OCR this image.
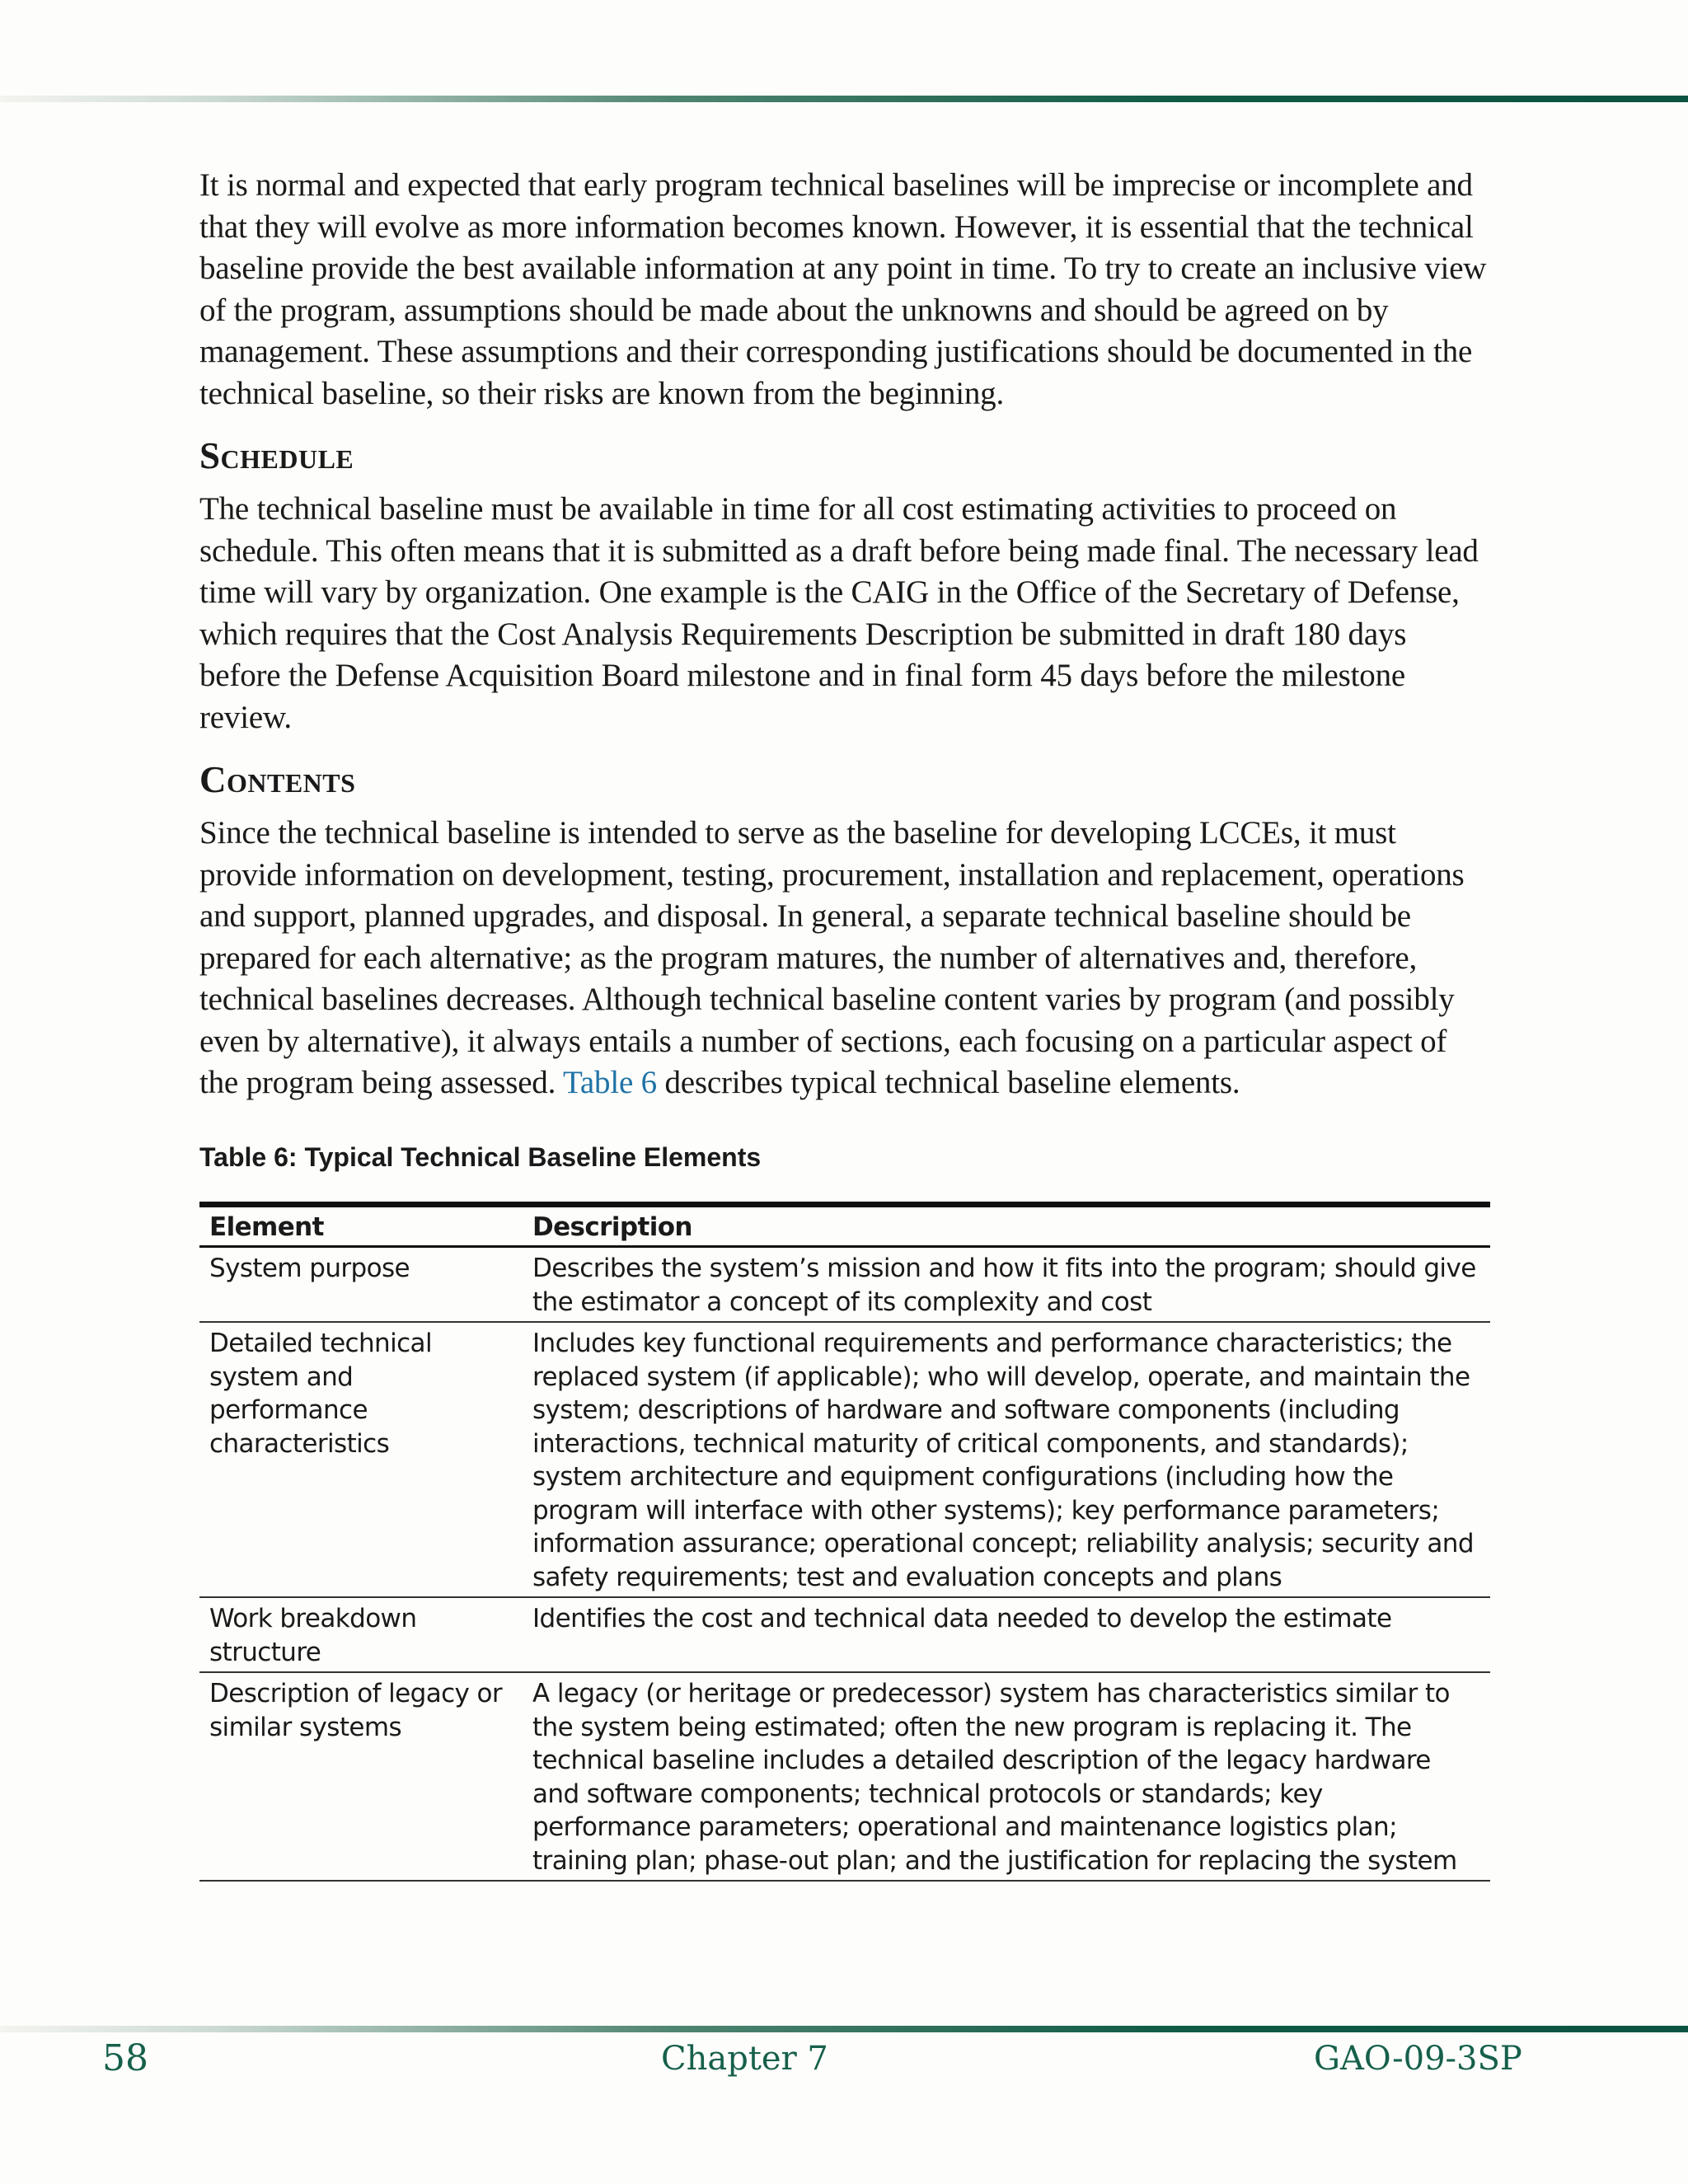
It is normal and expected that early program technical baselines will be imprecise or incomplete and that they will evolve as more information becomes known. However, it is essential that the technical baseline provide the best available information at any point in time. To try to create an inclusive view of the program, assumptions should be made about the unknowns and should be agreed on by management. These assumptions and their corresponding justifications should be documented in the technical baseline, so their risks are known from the beginning.

Schedule

The technical baseline must be available in time for all cost estimating activities to proceed on schedule. This often means that it is submitted as a draft before being made final. The necessary lead time will vary by organization. One example is the CAIG in the Office of the Secretary of Defense, which requires that the Cost Analysis Requirements Description be submitted in draft 180 days before the Defense Acquisition Board milestone and in final form 45 days before the milestone review.

Contents

Since the technical baseline is intended to serve as the baseline for developing LCCEs, it must provide information on development, testing, procurement, installation and replacement, operations and support, planned upgrades, and disposal. In general, a separate technical baseline should be prepared for each alternative; as the program matures, the number of alternatives and, therefore, technical baselines decreases. Although technical baseline content varies by program (and possibly even by alternative), it always entails a number of sections, each focusing on a particular aspect of the program being assessed. Table 6 describes typical technical baseline elements.

Table 6: Typical Technical Baseline Elements
Element	Description
System purpose	Describes the system’s mission and how it fits into the program; should give the estimator a concept of its complexity and cost
Detailed technical system and performance characteristics	Includes key functional requirements and performance characteristics; the replaced system (if applicable); who will develop, operate, and maintain the system; descriptions of hardware and software components (including interactions, technical maturity of critical components, and standards); system architecture and equipment configurations (including how the program will interface with other systems); key performance parameters; information assurance; operational concept; reliability analysis; security and safety requirements; test and evaluation concepts and plans
Work breakdown structure	Identifies the cost and technical data needed to develop the estimate
Description of legacy or similar systems	A legacy (or heritage or predecessor) system has characteristics similar to the system being estimated; often the new program is replacing it. The technical baseline includes a detailed description of the legacy hardware and software components; technical protocols or standards; key performance parameters; operational and maintenance logistics plan; training plan; phase-out plan; and the justification for replacing the system
58	Chapter 7	GAO-09-3SP
